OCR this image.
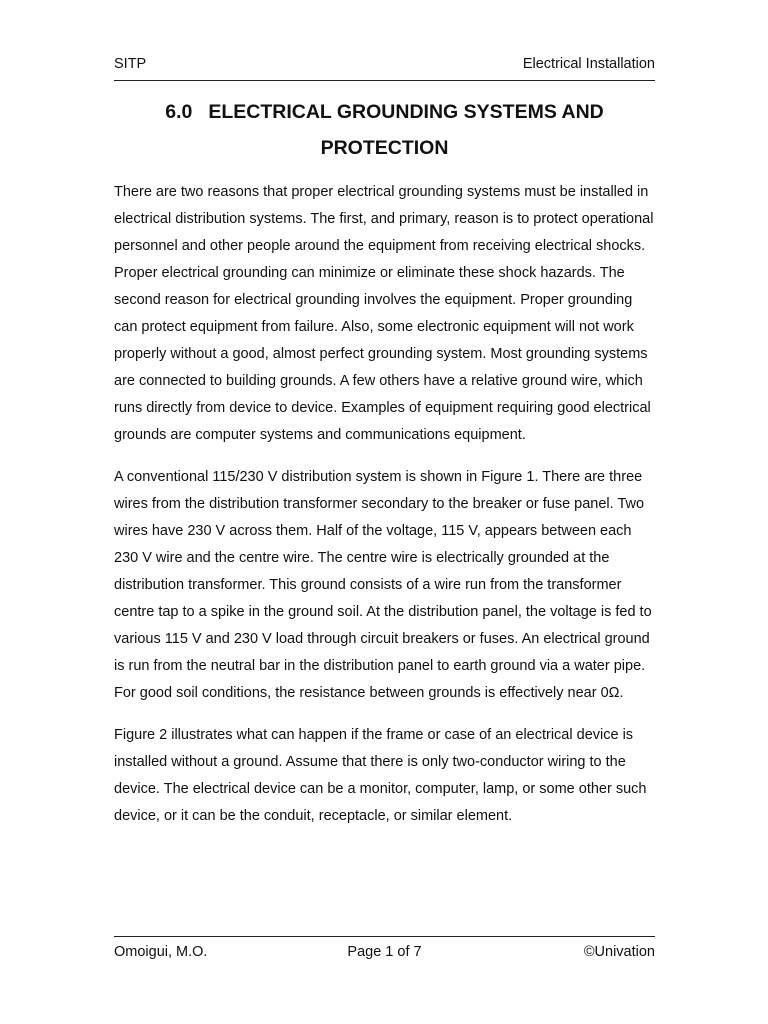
SITP	Electrical Installation
6.0 ELECTRICAL GROUNDING SYSTEMS AND
PROTECTION

There are two reasons that proper electrical grounding systems must be installed in electrical distribution systems. The first, and primary, reason is to protect operational personnel and other people around the equipment from receiving electrical shocks. Proper electrical grounding can minimize or eliminate these shock hazards. The second reason for electrical grounding involves the equipment. Proper grounding can protect equipment from failure. Also, some electronic equipment will not work properly without a good, almost perfect grounding system. Most grounding systems are connected to building grounds. A few others have a relative ground wire, which runs directly from device to device. Examples of equipment requiring good electrical grounds are computer systems and communications equipment.

A conventional 115/230 V distribution system is shown in Figure 1. There are three wires from the distribution transformer secondary to the breaker or fuse panel. Two wires have 230 V across them. Half of the voltage, 115 V, appears between each 230 V wire and the centre wire. The centre wire is electrically grounded at the distribution transformer. This ground consists of a wire run from the transformer centre tap to a spike in the ground soil. At the distribution panel, the voltage is fed to various 115 V and 230 V load through circuit breakers or fuses. An electrical ground is run from the neutral bar in the distribution panel to earth ground via a water pipe. For good soil conditions, the resistance between grounds is effectively near 0Ω.

Figure 2 illustrates what can happen if the frame or case of an electrical device is installed without a ground. Assume that there is only two-conductor wiring to the device. The electrical device can be a monitor, computer, lamp, or some other such device, or it can be the conduit, receptacle, or similar element.

Omoigui, M.O.	Page 1 of 7	©Univation
